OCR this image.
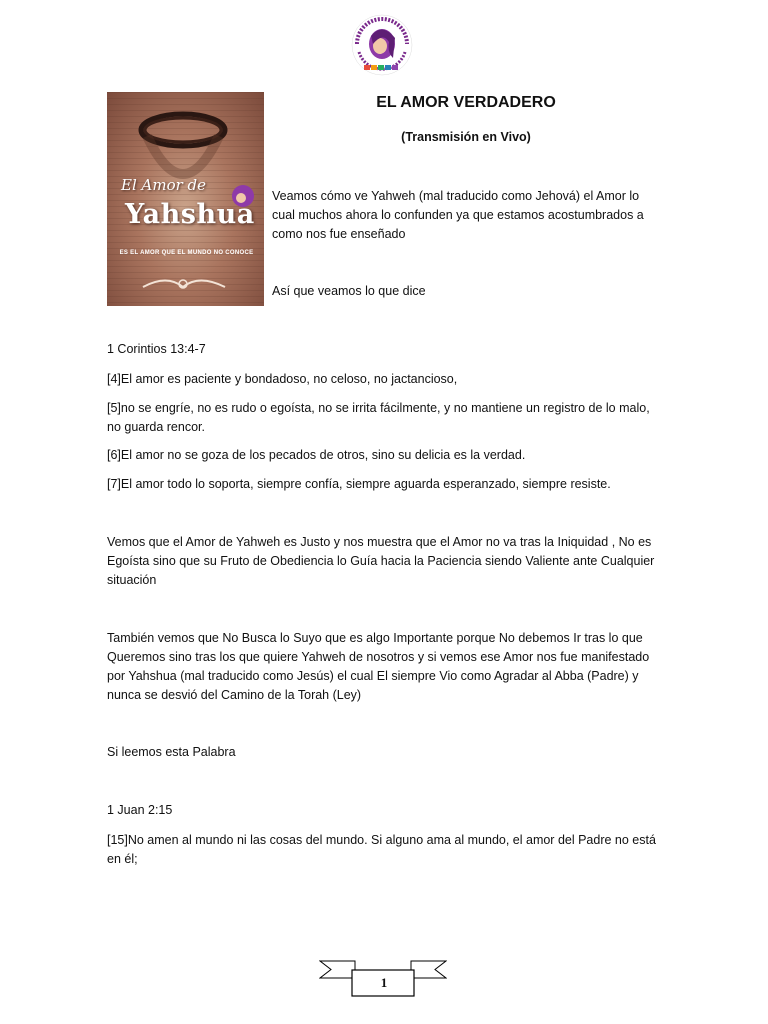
El Amor de
Yahshua
ES EL AMOR QUE EL MUNDO NO CONOCE
EL AMOR VERDADERO
(Transmisión en Vivo)
Veamos cómo ve Yahweh (mal traducido como Jehová) el Amor lo cual muchos ahora lo confunden ya que estamos acostumbrados a como nos fue enseñado
Así que veamos lo que dice
1 Corintios 13:4-7
[4]El amor es paciente y bondadoso, no celoso, no jactancioso,
[5]no se engríe, no es rudo o egoísta, no se irrita fácilmente, y no mantiene un registro de lo malo, no guarda rencor.
[6]El amor no se goza de los pecados de otros, sino su delicia es la verdad.
[7]El amor todo lo soporta, siempre confía, siempre aguarda esperanzado, siempre resiste.
Vemos que el Amor de Yahweh es Justo y nos muestra que el Amor no va tras la Iniquidad , No es Egoísta sino que su Fruto de Obediencia lo Guía hacia la Paciencia siendo Valiente ante Cualquier situación
También vemos que No Busca lo Suyo que es algo Importante porque No debemos Ir tras lo que Queremos sino tras los que quiere Yahweh de nosotros y si vemos ese Amor nos fue manifestado por Yahshua (mal traducido como Jesús) el cual El siempre Vio como Agradar al Abba (Padre) y nunca se desvió del Camino de la Torah (Ley)
Si leemos esta Palabra
1 Juan 2:15
[15]No amen al mundo ni las cosas del mundo. Si alguno ama al mundo, el amor del Padre no está en él;
1
